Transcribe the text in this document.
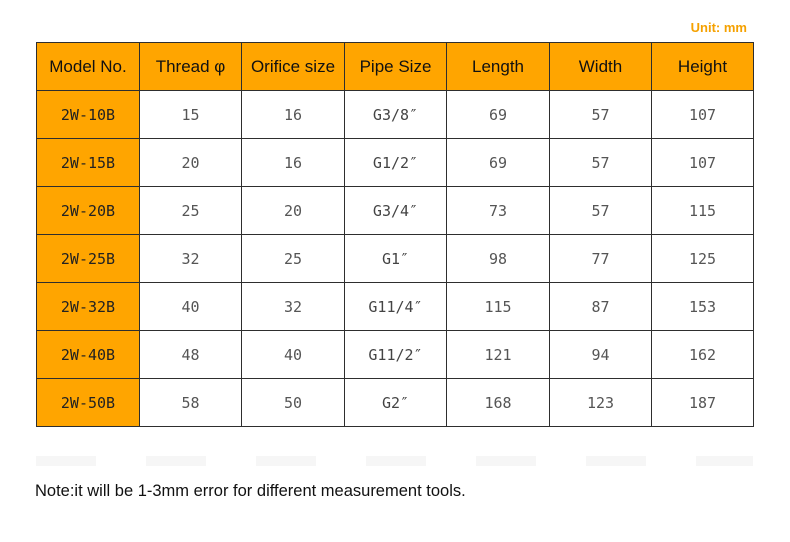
Unit: mm
Model No.	Thread φ	Orifice size	Pipe Size	Length	Width	Height
2W-10B	15	16	G3/8″	69	57	107
2W-15B	20	16	G1/2″	69	57	107
2W-20B	25	20	G3/4″	73	57	115
2W-25B	32	25	G1″	98	77	125
2W-32B	40	32	G11/4″	115	87	153
2W-40B	48	40	G11/2″	121	94	162
2W-50B	58	50	G2″	168	123	187
Note:it will be 1-3mm error for different measurement tools.
